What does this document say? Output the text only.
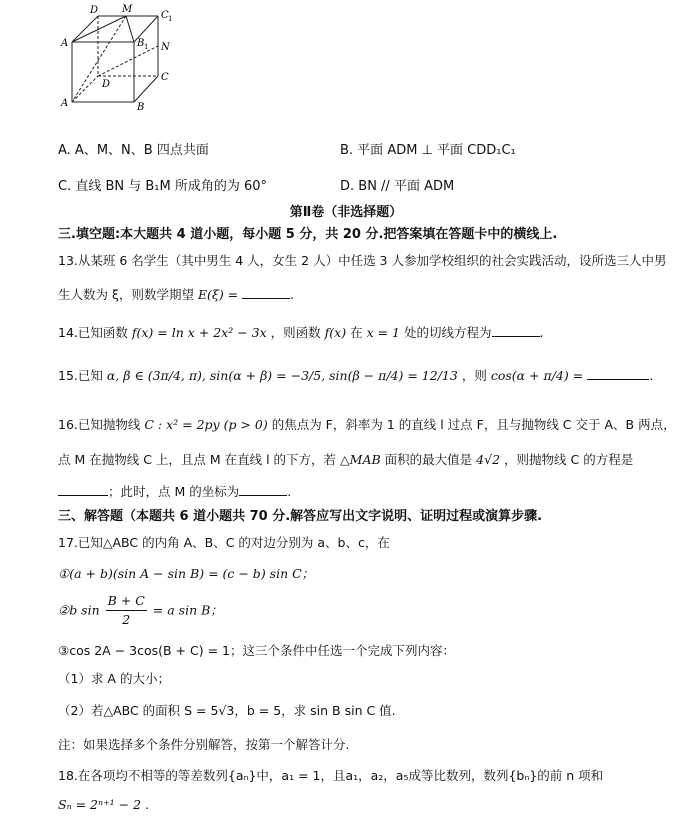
D M
C 1
A	B 1 N
D
C
A	B
A. A、M、N、B 四点共面	B. 平面 ADM ⊥ 平面 CDD₁C₁
C. 直线 BN 与 B₁M 所成角的为 60°	D. BN // 平面 ADM
第Ⅱ卷（非选择题）
三.填空题:本大题共 4 道小题，每小题 5 分，共 20 分.把答案填在答题卡中的横线上.
13.从某班 6 名学生（其中男生 4 人，女生 2 人）中任选 3 人参加学校组织的社会实践活动，设所选三人中男
生人数为 ξ，则数学期望 E(ξ) =	.
14.已知函数 f(x) = ln x + 2x² − 3x ，则函数 f(x) 在 x = 1 处的切线方程为	.
15.已知 α, β ∈ (3π/4, π), sin(α + β) = −3/5, sin(β − π/4) = 12/13 ，则 cos(α + π/4) =	.
16.已知抛物线 C : x² = 2py (p > 0) 的焦点为 F，斜率为 1 的直线 l 过点 F，且与抛物线 C 交于 A、B 两点，
点 M 在抛物线 C 上，且点 M 在直线 l 的下方，若 △MAB 面积的最大值是 4√2 ，则抛物线 C 的方程是
；此时，点 M 的坐标为	.
三、解答题（本题共 6 道小题共 70 分.解答应写出文字说明、证明过程或演算步骤.
17.已知△ABC 的内角 A、B、C 的对边分别为 a、b、c，在
①(a + b)(sin A − sin B) = (c − b) sin C；
②b $\sin \frac{B + C}{2} = a$ sin B；
③cos 2A − 3cos(B + C) = 1；这三个条件中任选一个完成下列内容：
（1）求 A 的大小；
（2）若△ABC 的面积 S = 5√3，b = 5，求 sin B sin C 值.
注：如果选择多个条件分别解答，按第一个解答计分.
18.在各项均不相等的等差数列{aₙ}中，a₁ = 1，且a₁，a₂，a₅成等比数列，数列{bₙ}的前 n 项和
Sₙ = 2ⁿ⁺¹ − 2 .
